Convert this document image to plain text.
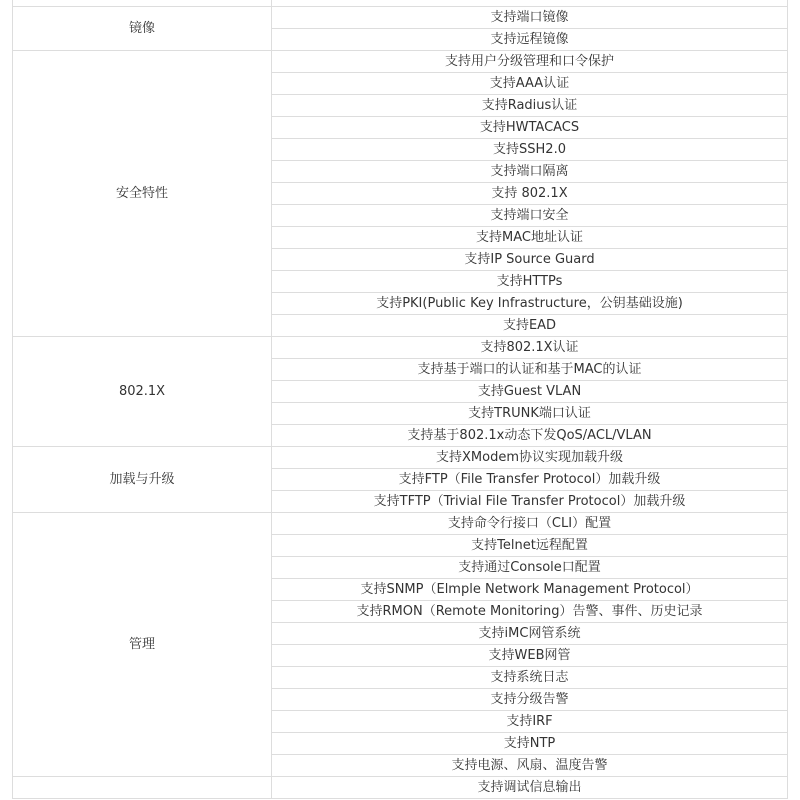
镜像	支持端口镜像
	支持远程镜像
安全特性	支持用户分级管理和口令保护
	支持AAA认证
	支持Radius认证
	支持HWTACACS
	支持SSH2.0
	支持端口隔离
	支持 802.1X
	支持端口安全
	支持MAC地址认证
	支持IP Source Guard
	支持HTTPs
	支持PKI(Public Key Infrastructure，公钥基础设施)
	支持EAD
802.1X	支持802.1X认证
	支持基于端口的认证和基于MAC的认证
	支持Guest VLAN
	支持TRUNK端口认证
	支持基于802.1x动态下发QoS/ACL/VLAN
加载与升级	支持XModem协议实现加载升级
	支持FTP（File Transfer Protocol）加载升级
	支持TFTP（Trivial File Transfer Protocol）加载升级
管理	支持命令行接口（CLI）配置
	支持Telnet远程配置
	支持通过Console口配置
	支持SNMP（Elmple Network Management Protocol）
	支持RMON（Remote Monitoring）告警、事件、历史记录
	支持iMC网管系统
	支持WEB网管
	支持系统日志
	支持分级告警
	支持IRF
	支持NTP
	支持电源、风扇、温度告警
	支持调试信息输出
